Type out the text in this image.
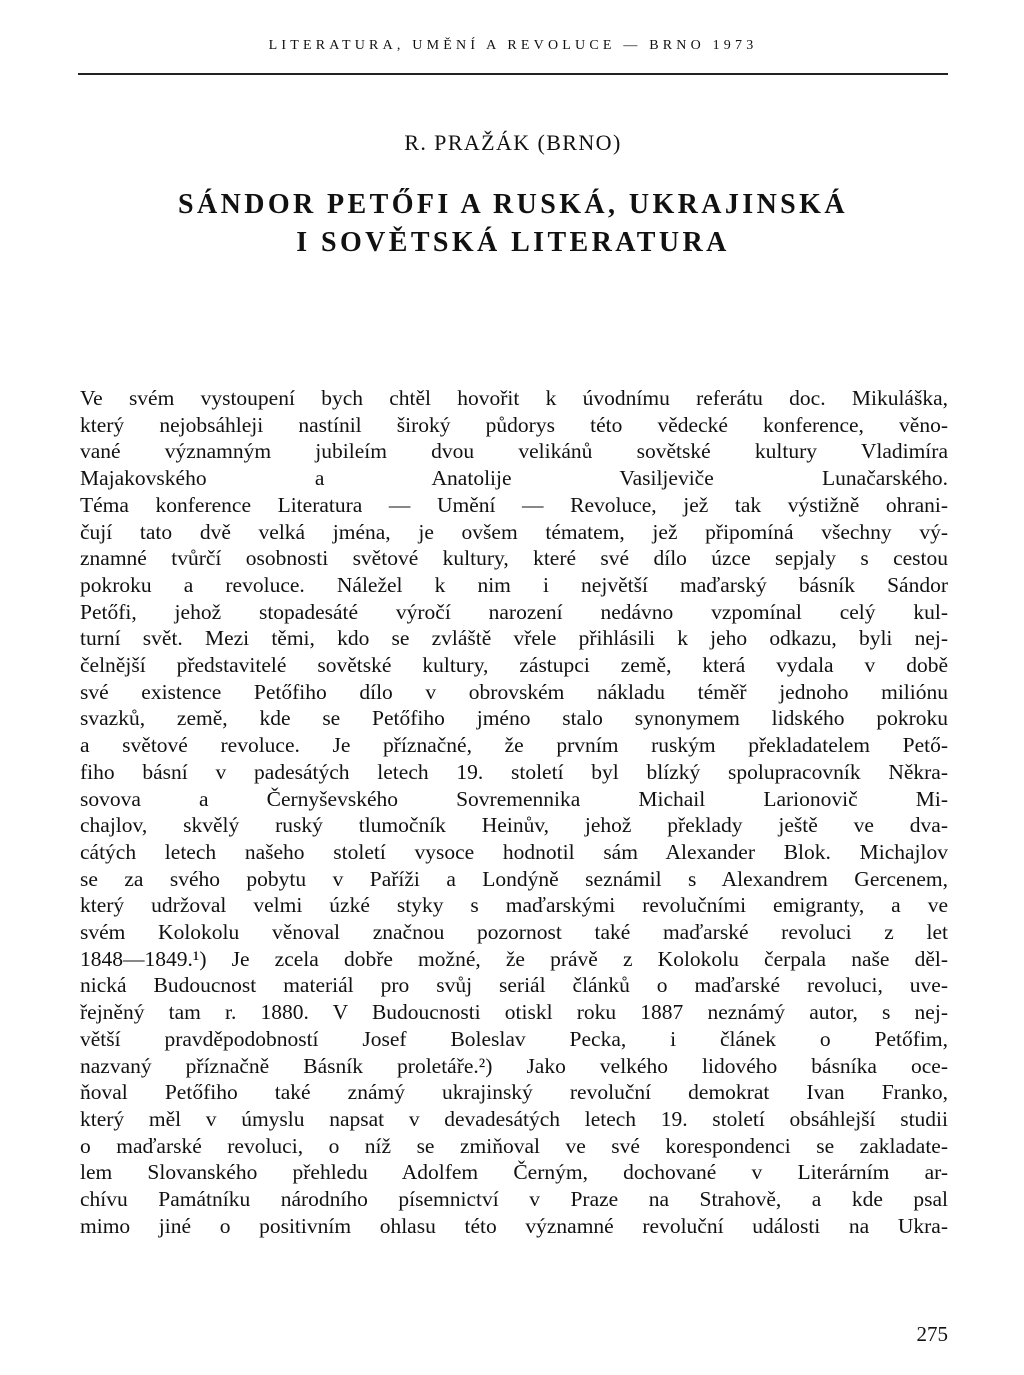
LITERATURA, UMĚNÍ A REVOLUCE — BRNO 1973
R. PRAŽÁK (BRNO)
SÁNDOR PETŐFI A RUSKÁ, UKRAJINSKÁ
I SOVĚTSKÁ LITERATURA
Ve svém vystoupení bych chtěl hovořit k úvodnímu referátu doc. Mikuláška,
který nejobsáhleji nastínil široký půdorys této vědecké konference, věno-
vané významným jubileím dvou velikánů sovětské kultury Vladimíra
Majakovského a Anatolije Vasiljeviče Lunačarského.
Téma konference Literatura — Umění — Revoluce, jež tak výstižně ohrani-
čují tato dvě velká jména, je ovšem tématem, jež připomíná všechny vý-
znamné tvůrčí osobnosti světové kultury, které své dílo úzce sepjaly s cestou
pokroku a revoluce. Náležel k nim i největší maďarský básník Sándor
Petőfi, jehož stopadesáté výročí narození nedávno vzpomínal celý kul-
turní svět. Mezi těmi, kdo se zvláště vřele přihlásili k jeho odkazu, byli nej-
čelnější představitelé sovětské kultury, zástupci země, která vydala v době
své existence Petőfiho dílo v obrovském nákladu téměř jednoho miliónu
svazků, země, kde se Petőfiho jméno stalo synonymem lidského pokroku
a světové revoluce. Je příznačné, že prvním ruským překladatelem Pető-
fiho básní v padesátých letech 19. století byl blízký spolupracovník Někra-
sovova a Černyševského Sovremennika Michail Larionovič Mi-
chajlov, skvělý ruský tlumočník Heinův, jehož překlady ještě ve dva-
cátých letech našeho století vysoce hodnotil sám Alexander Blok. Michajlov
se za svého pobytu v Paříži a Londýně seznámil s Alexandrem Gercenem,
který udržoval velmi úzké styky s maďarskými revolučními emigranty, a ve
svém Kolokolu věnoval značnou pozornost také maďarské revoluci z let
1848—1849.¹) Je zcela dobře možné, že právě z Kolokolu čerpala naše děl-
nická Budoucnost materiál pro svůj seriál článků o maďarské revoluci, uve-
řejněný tam r. 1880. V Budoucnosti otiskl roku 1887 neznámý autor, s nej-
větší pravděpodobností Josef Boleslav Pecka, i článek o Petőfim,
nazvaný příznačně Básník proletáře.²) Jako velkého lidového básníka oce-
ňoval Petőfiho také známý ukrajinský revoluční demokrat Ivan Franko,
který měl v úmyslu napsat v devadesátých letech 19. století obsáhlejší studii
o maďarské revoluci, o níž se zmiňoval ve své korespondenci se zakladate-
lem Slovanského přehledu Adolfem Černým, dochované v Literárním ar-
chívu Památníku národního písemnictví v Praze na Strahově, a kde psal
mimo jiné o positivním ohlasu této významné revoluční události na Ukra-
275
